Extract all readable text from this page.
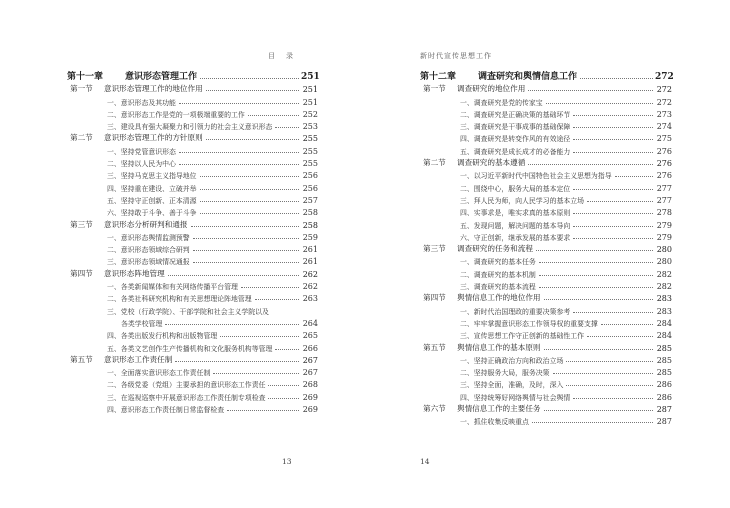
目　录
第十一章 意识形态管理工作	251
第一节 意识形态管理工作的地位作用	251
一、意识形态及其功能	251
二、意识形态工作是党的一项极端重要的工作	252
三、建设具有强大凝聚力和引领力的社会主义意识形态	253
第二节 意识形态管理工作的方针原则	255
一、坚持党管意识形态	255
二、坚持以人民为中心	255
三、坚持马克思主义指导地位	256
四、坚持重在建设、立破并举	256
五、坚持守正创新、正本清源	257
六、坚持敢于斗争、善于斗争	258
第三节 意识形态分析研判和通报	258
一、意识形态舆情监测预警	259
二、意识形态领域综合研判	261
三、意识形态领域情况通报	261
第四节 意识形态阵地管理	262
一、各类新闻媒体和有关网络传播平台管理	262
二、各类社科研究机构和有关思想理论阵地管理	263
三、党校（行政学院）、干部学院和社会主义学院以及
各类学校管理	264
四、各类出版发行机构和出版物管理	265
五、各类文艺创作生产传播机构和文化服务机构等管理	266
第五节 意识形态工作责任制	267
一、全面落实意识形态工作责任制	267
二、各级党委（党组）主要承担的意识形态工作责任	268
三、在巡视巡察中开展意识形态工作责任制专项检查	269
四、意识形态工作责任制日常监督检查	269
13
新时代宣传思想工作
第十二章 调查研究和舆情信息工作	272
第一节 调查研究的地位作用	272
一、调查研究是党的传家宝	272
二、调查研究是正确决策的基础环节	273
三、调查研究是干事成事的基础保障	274
四、调查研究是转变作风的有效途径	275
五、调查研究是成长成才的必备能力	276
第二节 调查研究的基本遵循	276
一、以习近平新时代中国特色社会主义思想为指导	276
二、围绕中心，服务大局的基本定位	277
三、拜人民为师，向人民学习的基本立场	277
四、实事求是，唯实求真的基本原则	278
五、发现问题，解决问题的基本导向	279
六、守正创新，继承发展的基本要求	279
第三节 调查研究的任务和流程	280
一、调查研究的基本任务	280
二、调查研究的基本机制	282
三、调查研究的基本流程	282
第四节 舆情信息工作的地位作用	283
一、新时代治国理政的重要决策参考	283
二、牢牢掌握意识形态工作领导权的重要支撑	284
三、宣传思想工作守正创新的基础性工作	284
第五节 舆情信息工作的基本原则	285
一、坚持正确政治方向和政治立场	285
二、坚持服务大局，服务决策	285
三、坚持全面，准确，及时，深入	286
四、坚持统筹好网络舆情与社会舆情	286
第六节 舆情信息工作的主要任务	287
一、抓住收集反映重点	287
14
